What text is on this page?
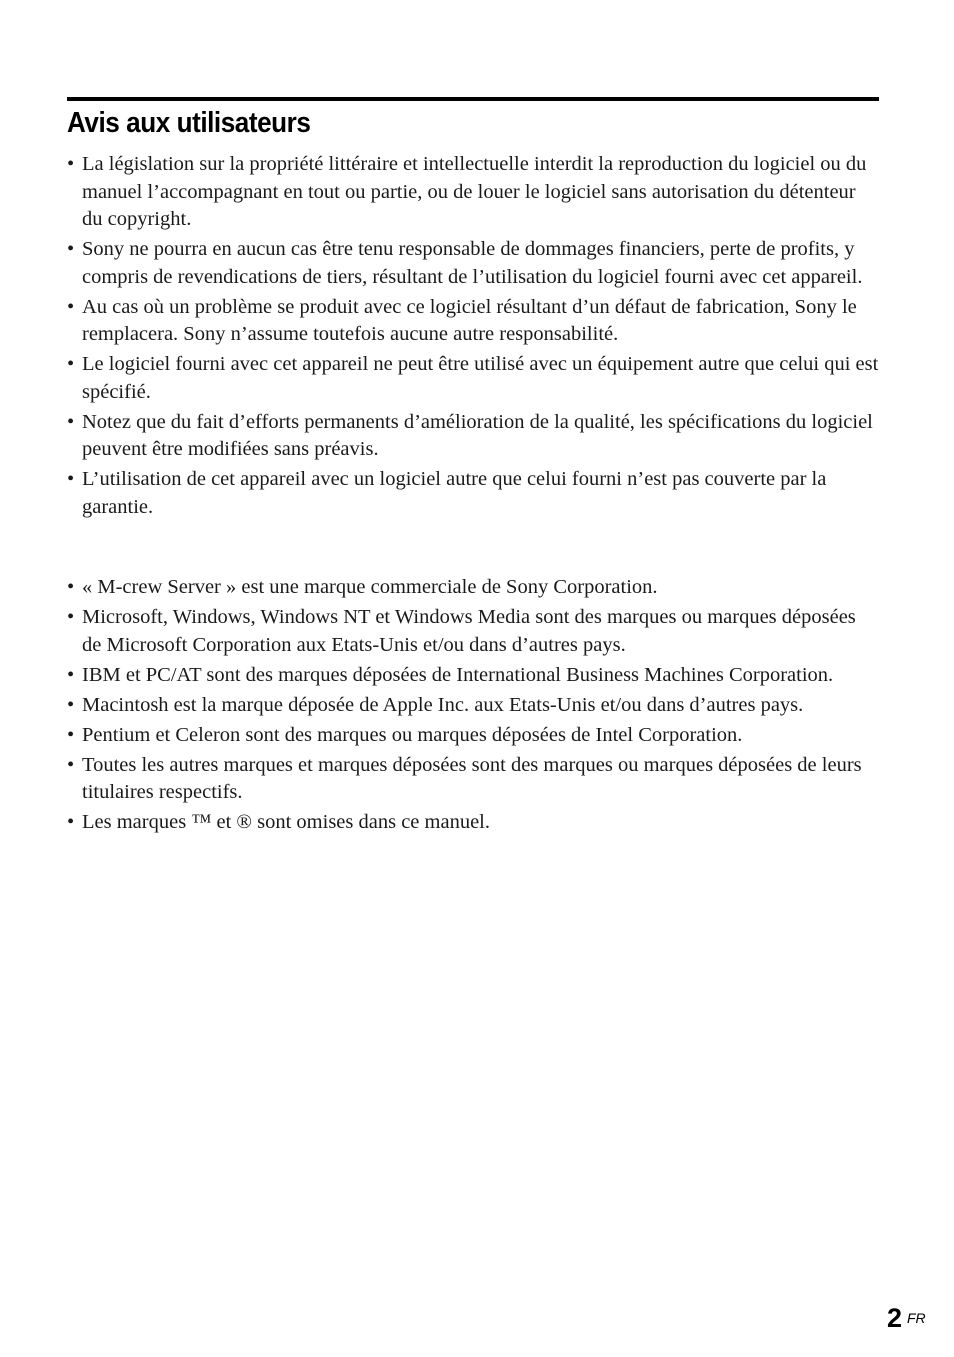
Avis aux utilisateurs
• La législation sur la propriété littéraire et intellectuelle interdit la reproduction du logiciel ou du manuel l’accompagnant en tout ou partie, ou de louer le logiciel sans autorisation du détenteur du copyright.
• Sony ne pourra en aucun cas être tenu responsable de dommages financiers, perte de profits, y compris de revendications de tiers, résultant de l’utilisation du logiciel fourni avec cet appareil.
• Au cas où un problème se produit avec ce logiciel résultant d’un défaut de fabrication, Sony le remplacera. Sony n’assume toutefois aucune autre responsabilité.
• Le logiciel fourni avec cet appareil ne peut être utilisé avec un équipement autre que celui qui est spécifié.
• Notez que du fait d’efforts permanents d’amélioration de la qualité, les spécifications du logiciel peuvent être modifiées sans préavis.
• L’utilisation de cet appareil avec un logiciel autre que celui fourni n’est pas couverte par la garantie.
• « M-crew Server » est une marque commerciale de Sony Corporation.
• Microsoft, Windows, Windows NT et Windows Media sont des marques ou marques déposées de Microsoft Corporation aux Etats-Unis et/ou dans d’autres pays.
• IBM et PC/AT sont des marques déposées de International Business Machines Corporation.
• Macintosh est la marque déposée de Apple Inc. aux Etats-Unis et/ou dans d’autres pays.
• Pentium et Celeron sont des marques ou marques déposées de Intel Corporation.
• Toutes les autres marques et marques déposées sont des marques ou marques déposées de leurs titulaires respectifs.
• Les marques ™ et ® sont omises dans ce manuel.
2 FR
